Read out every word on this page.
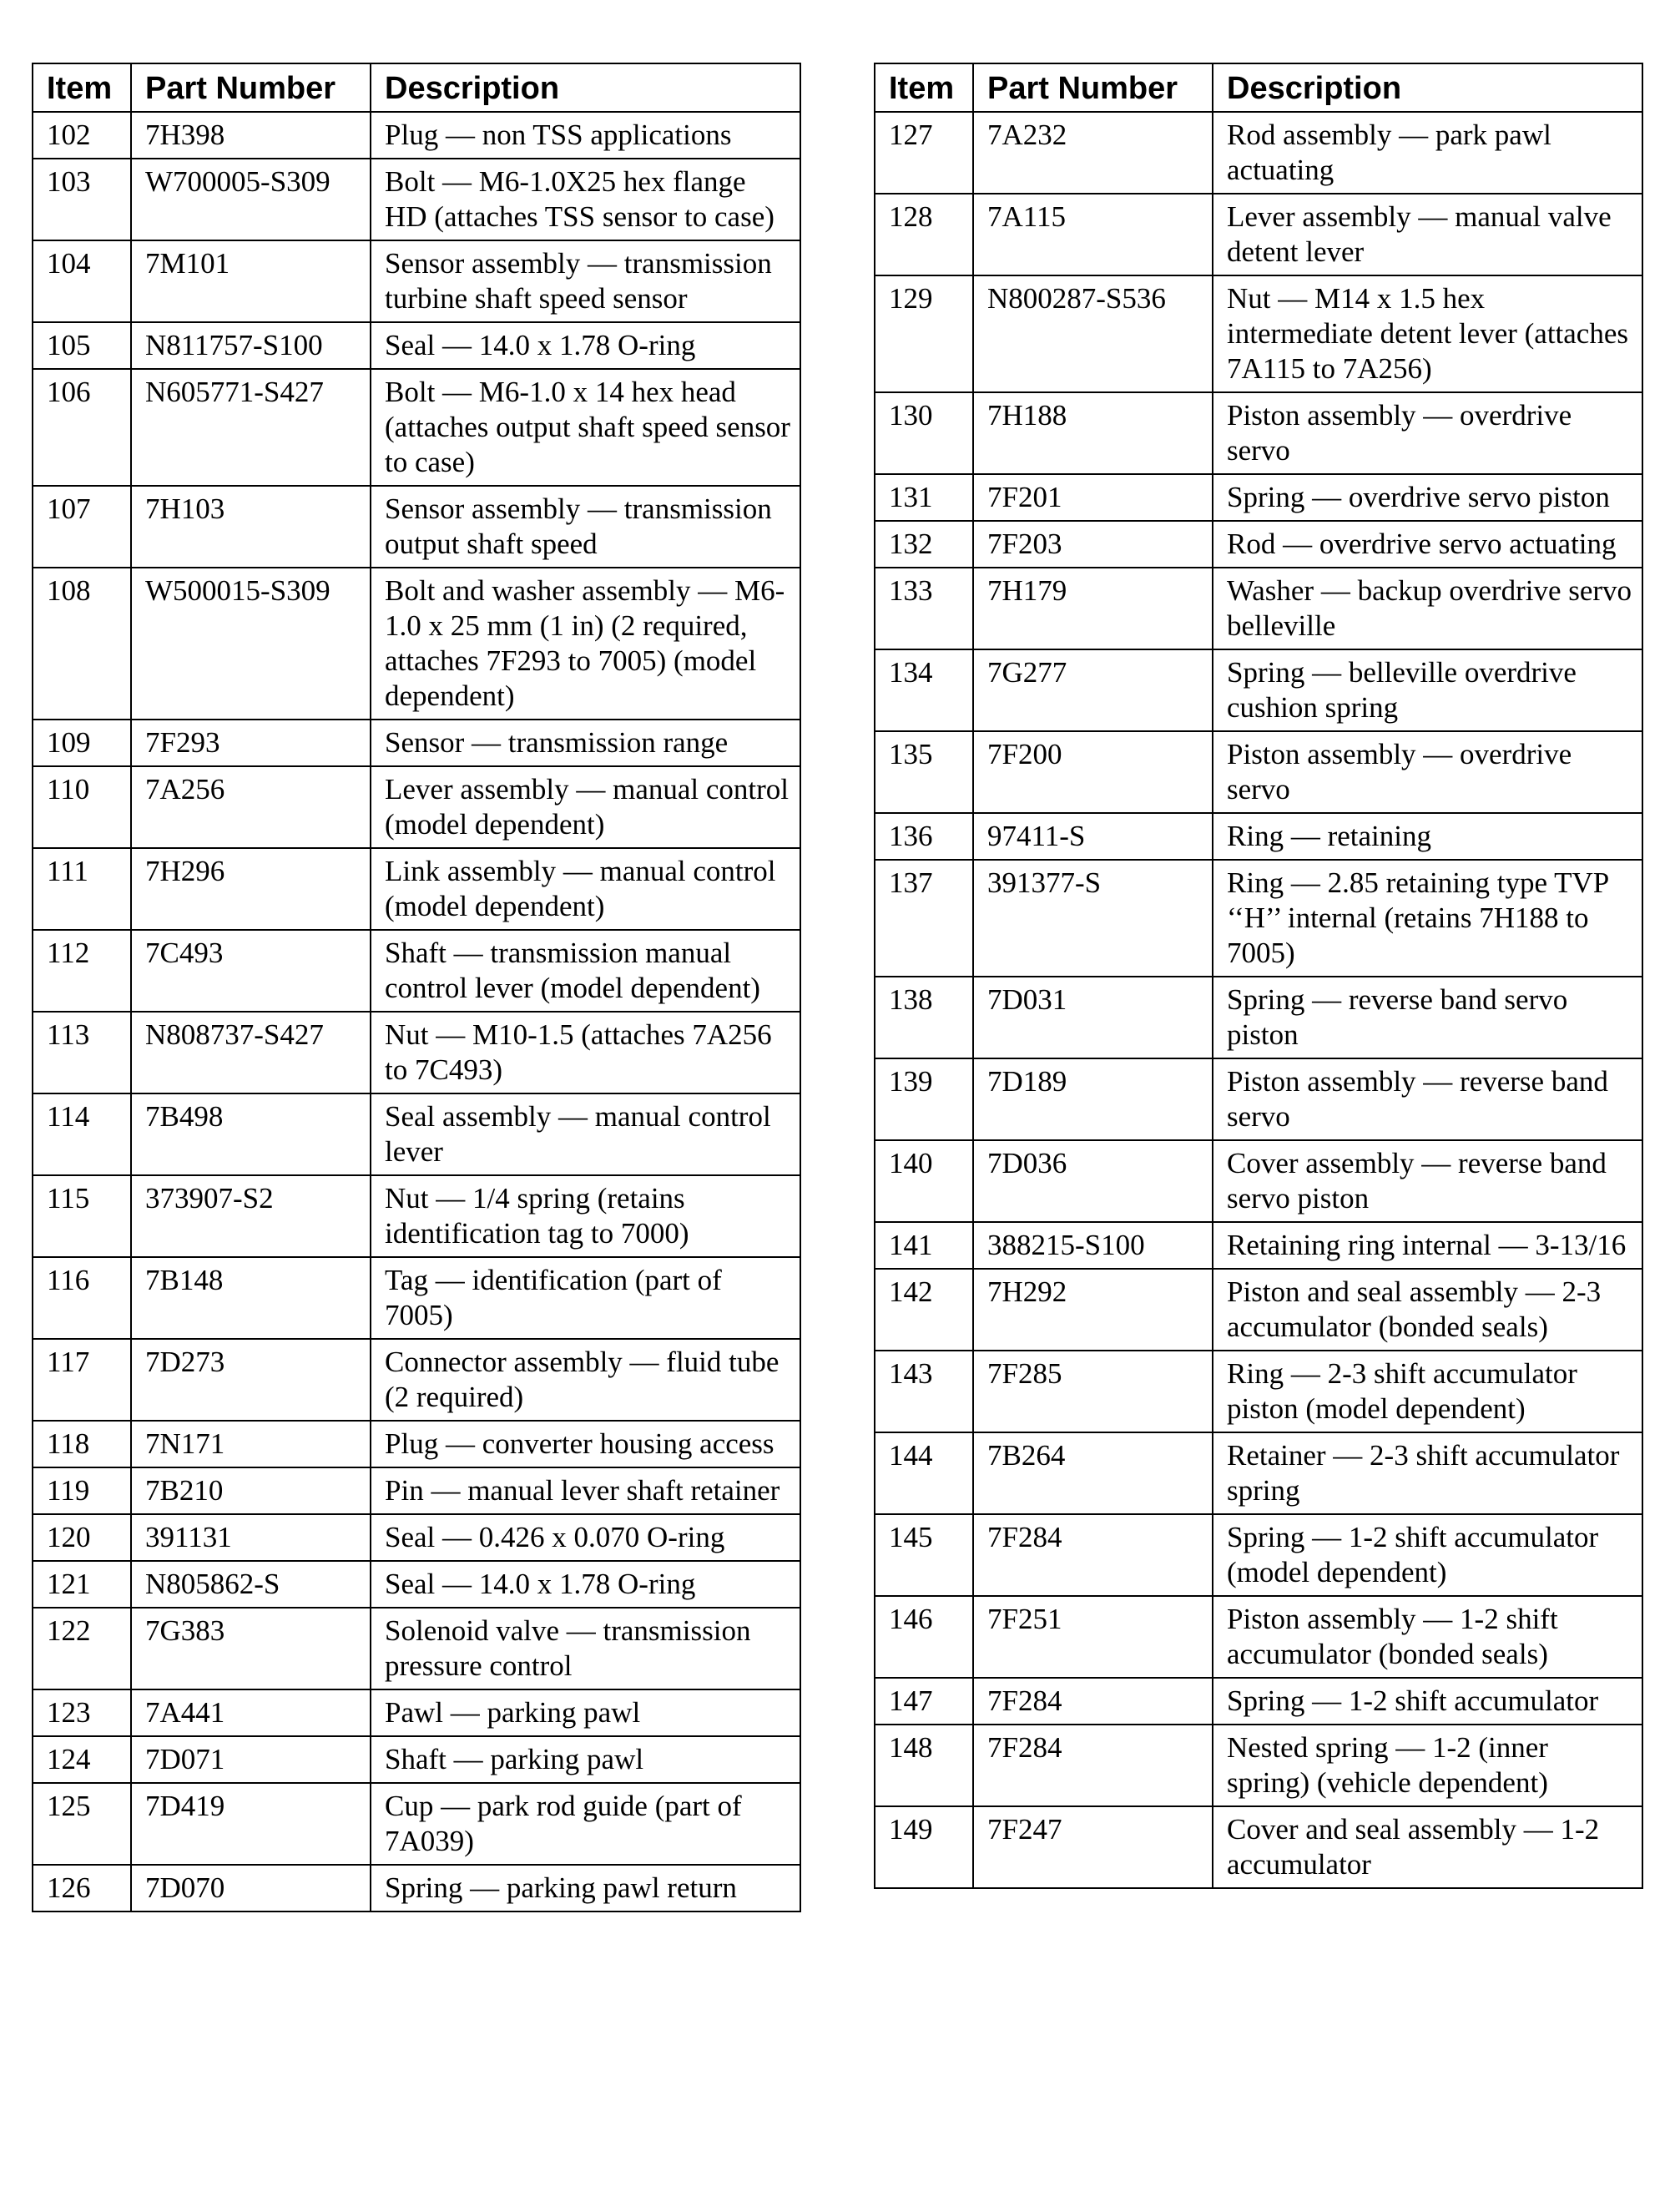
Item	Part Number	Description
102	7H398	Plug — non TSS applications
103	W700005-S309	Bolt — M6-1.0X25 hex flange HD (attaches TSS sensor to case)
104	7M101	Sensor assembly — transmission turbine shaft speed sensor
105	N811757-S100	Seal — 14.0 x 1.78 O-ring
106	N605771-S427	Bolt — M6-1.0 x 14 hex head (attaches output shaft speed sensor to case)
107	7H103	Sensor assembly — transmission output shaft speed
108	W500015-S309	Bolt and washer assembly — M6-1.0 x 25 mm (1 in) (2 required, attaches 7F293 to 7005) (model dependent)
109	7F293	Sensor — transmission range
110	7A256	Lever assembly — manual control (model dependent)
111	7H296	Link assembly — manual control (model dependent)
112	7C493	Shaft — transmission manual control lever (model dependent)
113	N808737-S427	Nut — M10-1.5 (attaches 7A256 to 7C493)
114	7B498	Seal assembly — manual control lever
115	373907-S2	Nut — 1/4 spring (retains identification tag to 7000)
116	7B148	Tag — identification (part of 7005)
117	7D273	Connector assembly — fluid tube (2 required)
118	7N171	Plug — converter housing access
119	7B210	Pin — manual lever shaft retainer
120	391131	Seal — 0.426 x 0.070 O-ring
121	N805862-S	Seal — 14.0 x 1.78 O-ring
122	7G383	Solenoid valve — transmission pressure control
123	7A441	Pawl — parking pawl
124	7D071	Shaft — parking pawl
125	7D419	Cup — park rod guide (part of 7A039)
126	7D070	Spring — parking pawl return
Item	Part Number	Description
127	7A232	Rod assembly — park pawl actuating
128	7A115	Lever assembly — manual valve detent lever
129	N800287-S536	Nut — M14 x 1.5 hex intermediate detent lever (attaches 7A115 to 7A256)
130	7H188	Piston assembly — overdrive servo
131	7F201	Spring — overdrive servo piston
132	7F203	Rod — overdrive servo actuating
133	7H179	Washer — backup overdrive servo belleville
134	7G277	Spring — belleville overdrive cushion spring
135	7F200	Piston assembly — overdrive servo
136	97411-S	Ring — retaining
137	391377-S	Ring — 2.85 retaining type TVP ‘‘H’’ internal (retains 7H188 to 7005)
138	7D031	Spring — reverse band servo piston
139	7D189	Piston assembly — reverse band servo
140	7D036	Cover assembly — reverse band servo piston
141	388215-S100	Retaining ring internal — 3-13/16
142	7H292	Piston and seal assembly — 2-3 accumulator (bonded seals)
143	7F285	Ring — 2-3 shift accumulator piston (model dependent)
144	7B264	Retainer — 2-3 shift accumulator spring
145	7F284	Spring — 1-2 shift accumulator (model dependent)
146	7F251	Piston assembly — 1-2 shift accumulator (bonded seals)
147	7F284	Spring — 1-2 shift accumulator
148	7F284	Nested spring — 1-2 (inner spring) (vehicle dependent)
149	7F247	Cover and seal assembly — 1-2 accumulator
